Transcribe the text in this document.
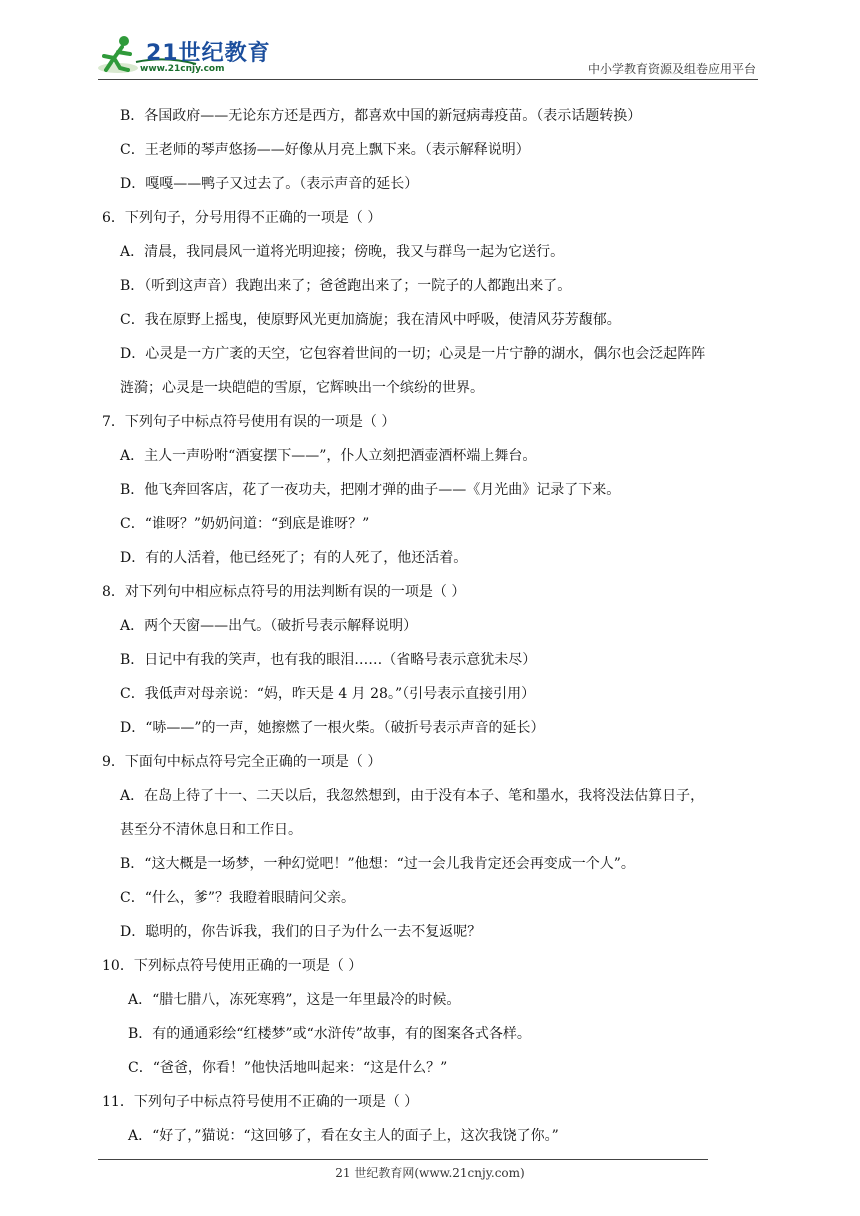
21世纪教育
www.21cnjy.com	中小学教育资源及组卷应用平台
B．各国政府——无论东方还是西方，都喜欢中国的新冠病毒疫苗。（表示话题转换）
C．王老师的琴声悠扬——好像从月亮上飘下来。（表示解释说明）
D．嘎嘎——鸭子又过去了。（表示声音的延长）
6．下列句子，分号用得不正确的一项是（ ）
A．清晨，我同晨风一道将光明迎接；傍晚，我又与群鸟一起为它送行。
B．（听到这声音）我跑出来了；爸爸跑出来了；一院子的人都跑出来了。
C．我在原野上摇曳，使原野风光更加旖旎；我在清风中呼吸，使清风芬芳馥郁。
D．心灵是一方广袤的天空，它包容着世间的一切；心灵是一片宁静的湖水，偶尔也会泛起阵阵
涟漪；心灵是一块皑皑的雪原，它辉映出一个缤纷的世界。
7．下列句子中标点符号使用有误的一项是（ ）
A．主人一声吩咐“酒宴摆下——”，仆人立刻把酒壶酒杯端上舞台。
B．他飞奔回客店，花了一夜功夫，把刚才弹的曲子——《月光曲》记录了下来。
C．“谁呀？”奶奶问道：“到底是谁呀？”
D．有的人活着，他已经死了；有的人死了，他还活着。
8．对下列句中相应标点符号的用法判断有误的一项是（ ）
A．两个天窗——出气。（破折号表示解释说明）
B．日记中有我的笑声，也有我的眼泪……（省略号表示意犹未尽）
C．我低声对母亲说：“妈，昨天是 4 月 28。”（引号表示直接引用）
D．“哧——”的一声，她擦燃了一根火柴。（破折号表示声音的延长）
9．下面句中标点符号完全正确的一项是（ ）
A．在岛上待了十一、二天以后，我忽然想到，由于没有本子、笔和墨水，我将没法估算日子，
甚至分不清休息日和工作日。
B．“这大概是一场梦，一种幻觉吧！”他想：“过一会儿我肯定还会再变成一个人”。
C．“什么，爹”？我瞪着眼睛问父亲。
D．聪明的，你告诉我，我们的日子为什么一去不复返呢？
10．下列标点符号使用正确的一项是（ ）
A．“腊七腊八，冻死寒鸦”，这是一年里最冷的时候。
B．有的通通彩绘“红楼梦”或“水浒传”故事，有的图案各式各样。
C．“爸爸，你看！”他快活地叫起来：“这是什么？”
11．下列句子中标点符号使用不正确的一项是（ ）
A．“好了，”猫说：“这回够了，看在女主人的面子上，这次我饶了你。”
21 世纪教育网(www.21cnjy.com)
